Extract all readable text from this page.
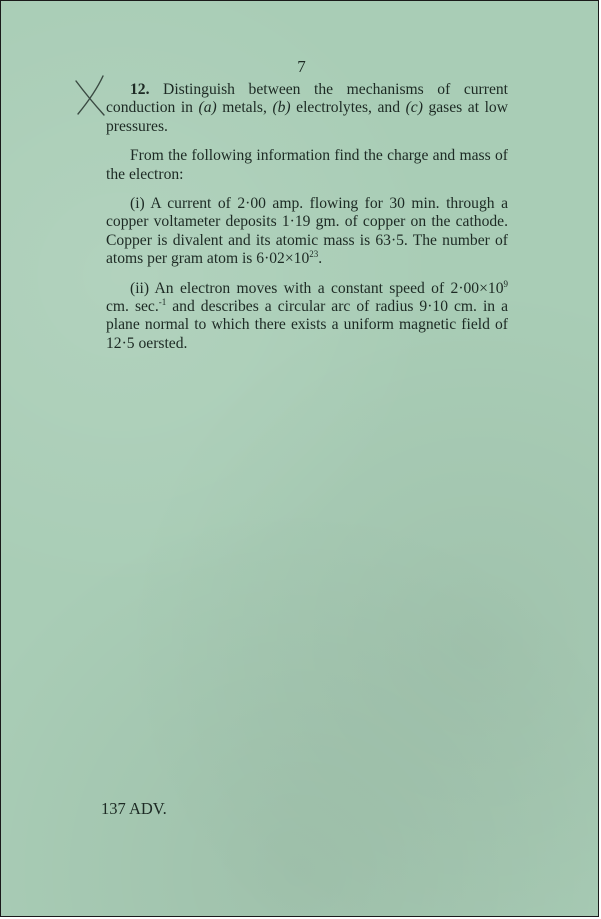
7

12. Distinguish between the mechanisms of current conduction in (a) metals, (b) electrolytes, and (c) gases at low pressures.

From the following information find the charge and mass of the electron:

(i) A current of 2·00 amp. flowing for 30 min. through a copper voltameter deposits 1·19 gm. of copper on the cathode. Copper is divalent and its atomic mass is 63·5. The number of atoms per gram atom is $6\cdot 02\times 10^{23}$.

(ii) An electron moves with a constant speed of $2\cdot 00\times 10^9$ cm. sec.$^{-1}$ and describes a circular arc of radius 9·10 cm. in a plane normal to which there exists a uniform magnetic field of 12·5 oersted.

137 ADV.
